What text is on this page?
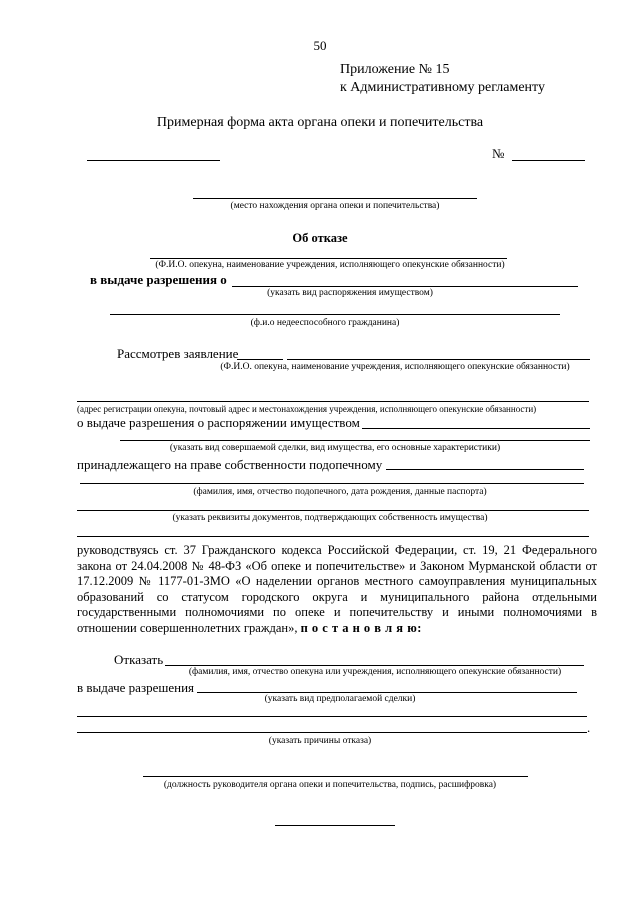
50
Приложение № 15
к Административному регламенту
Примерная форма акта органа опеки и попечительства
№
(место нахождения органа опеки и попечительства)
Об отказе
(Ф.И.О. опекуна, наименование учреждения, исполняющего опекунские обязанности)
в выдаче разрешения о
(указать вид распоряжения имуществом)
(ф.и.о недееспособного гражданина)
Рассмотрев заявление
(Ф.И.О. опекуна, наименование учреждения, исполняющего опекунские обязанности)
(адрес регистрации опекуна, почтовый адрес и местонахождения учреждения, исполняющего опекунские обязанности)
о выдаче разрешения о распоряжении имуществом
(указать вид совершаемой сделки, вид имущества, его основные характеристики)
принадлежащего на праве собственности подопечному
(фамилия, имя, отчество подопечного, дата рождения, данные паспорта)
(указать реквизиты документов, подтверждающих собственность имущества)

руководствуясь ст. 37 Гражданского кодекса Российской Федерации, ст. 19, 21 Федерального закона от 24.04.2008 № 48-ФЗ «Об опеке и попечительстве» и Законом Мурманской области от 17.12.2009 № 1177-01-ЗМО «О наделении органов местного самоуправления муниципальных образований со статусом городского округа и муниципального района отдельными государственными полномочиями по опеке и попечительству и иными полномочиями в отношении совершеннолетних граждан», п о с т а н о в л я ю:

Отказать
(фамилия, имя, отчество опекуна или учреждения, исполняющего опекунские обязанности)
в выдаче разрешения
(указать вид предполагаемой сделки)
.
(указать причины отказа)
(должность руководителя органа опеки и попечительства, подпись, расшифровка)
